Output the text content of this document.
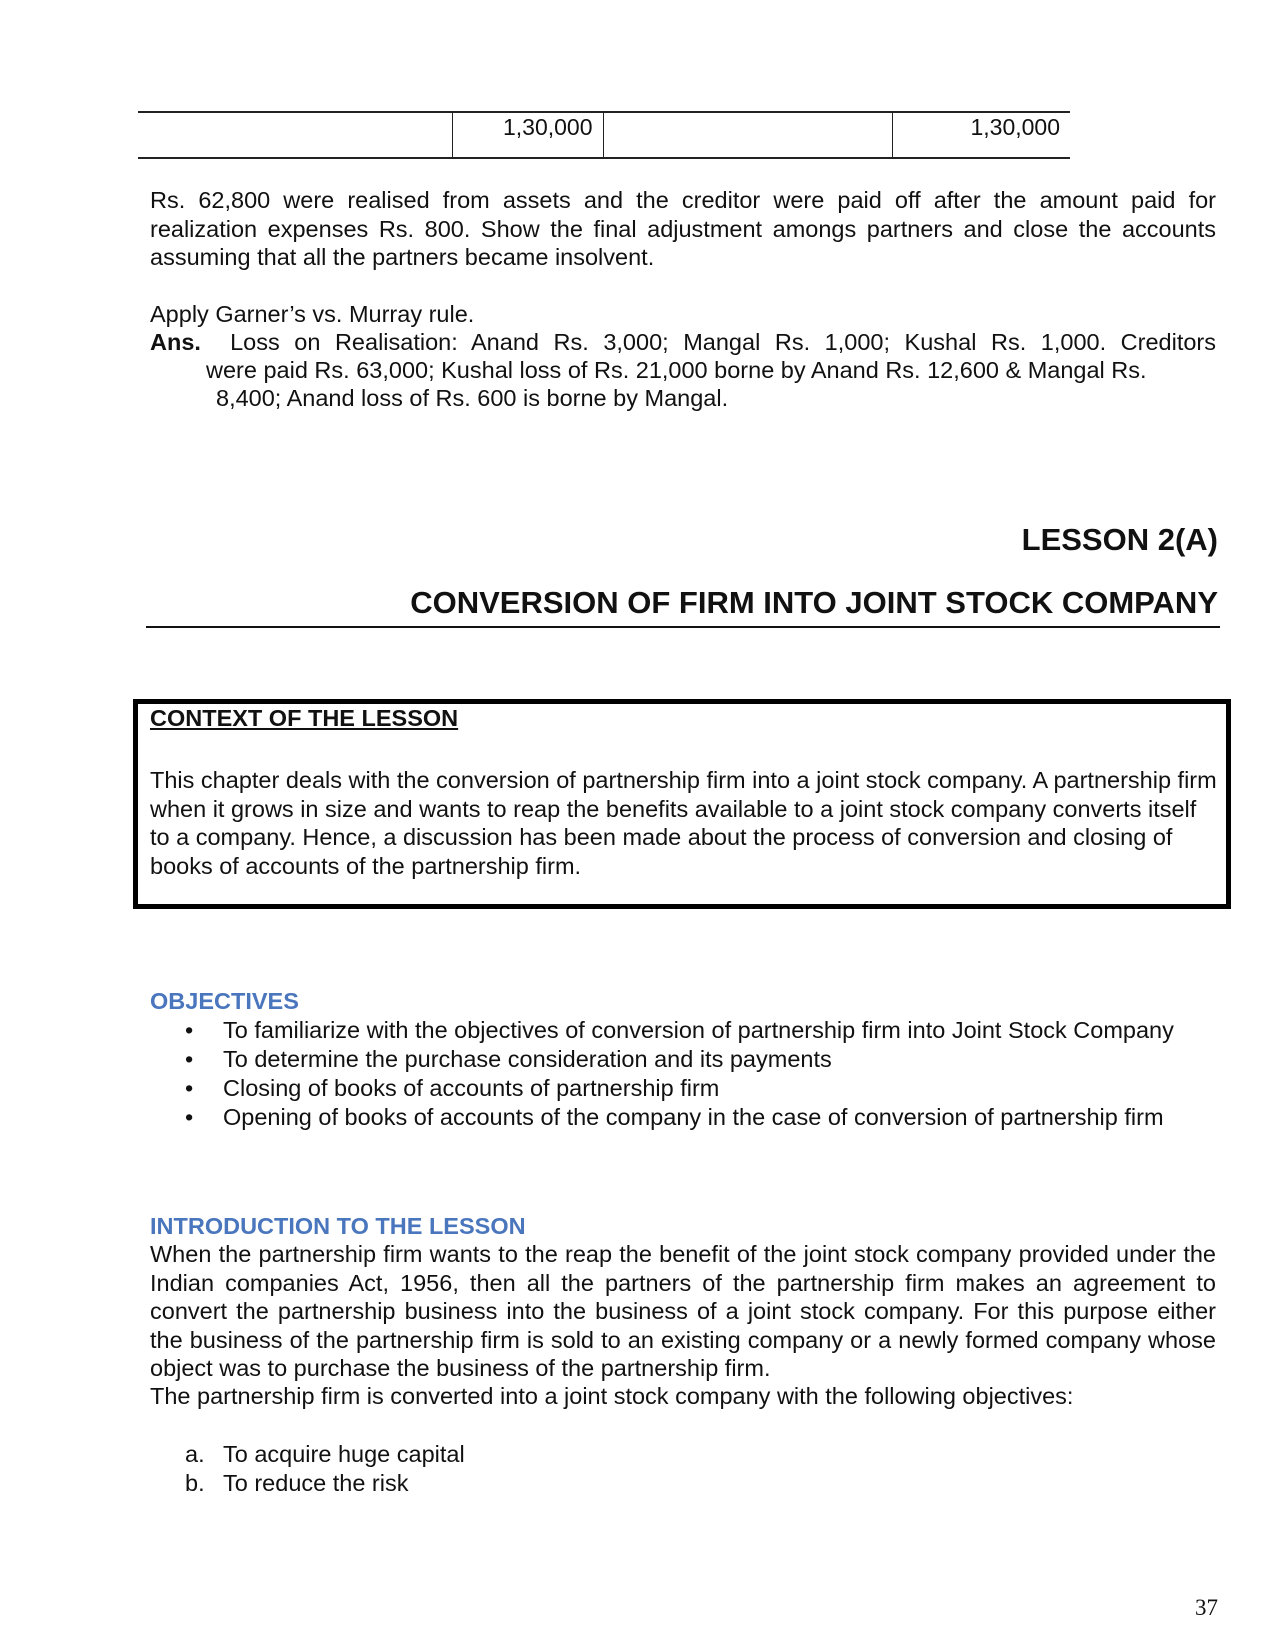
	1,30,000		1,30,000
Rs. 62,800 were realised from assets and the creditor were paid off after the amount paid for realization expenses Rs. 800. Show the final adjustment amongs partners and close the accounts assuming that all the partners became insolvent.
Apply Garner’s vs. Murray rule.
Ans. Loss on Realisation: Anand Rs. 3,000; Mangal Rs. 1,000; Kushal Rs. 1,000. Creditors
were paid Rs. 63,000; Kushal loss of Rs. 21,000 borne by Anand Rs. 12,600 & Mangal Rs.
8,400; Anand loss of Rs. 600 is borne by Mangal.
LESSON 2(A)
CONVERSION OF FIRM INTO JOINT STOCK COMPANY
CONTEXT OF THE LESSON
This chapter deals with the conversion of partnership firm into a joint stock company. A partnership firm when it grows in size and wants to reap the benefits available to a joint stock company converts itself to a company. Hence, a discussion has been made about the process of conversion and closing of books of accounts of the partnership firm.
OBJECTIVES
• To familiarize with the objectives of conversion of partnership firm into Joint Stock Company
• To determine the purchase consideration and its payments
• Closing of books of accounts of partnership firm
• Opening of books of accounts of the company in the case of conversion of partnership firm
INTRODUCTION TO THE LESSON
When the partnership firm wants to the reap the benefit of the joint stock company provided under the Indian companies Act, 1956, then all the partners of the partnership firm makes an agreement to convert the partnership business into the business of a joint stock company. For this purpose either the business of the partnership firm is sold to an existing company or a newly formed company whose object was to purchase the business of the partnership firm.
The partnership firm is converted into a joint stock company with the following objectives:
a. To acquire huge capital
b. To reduce the risk
37
